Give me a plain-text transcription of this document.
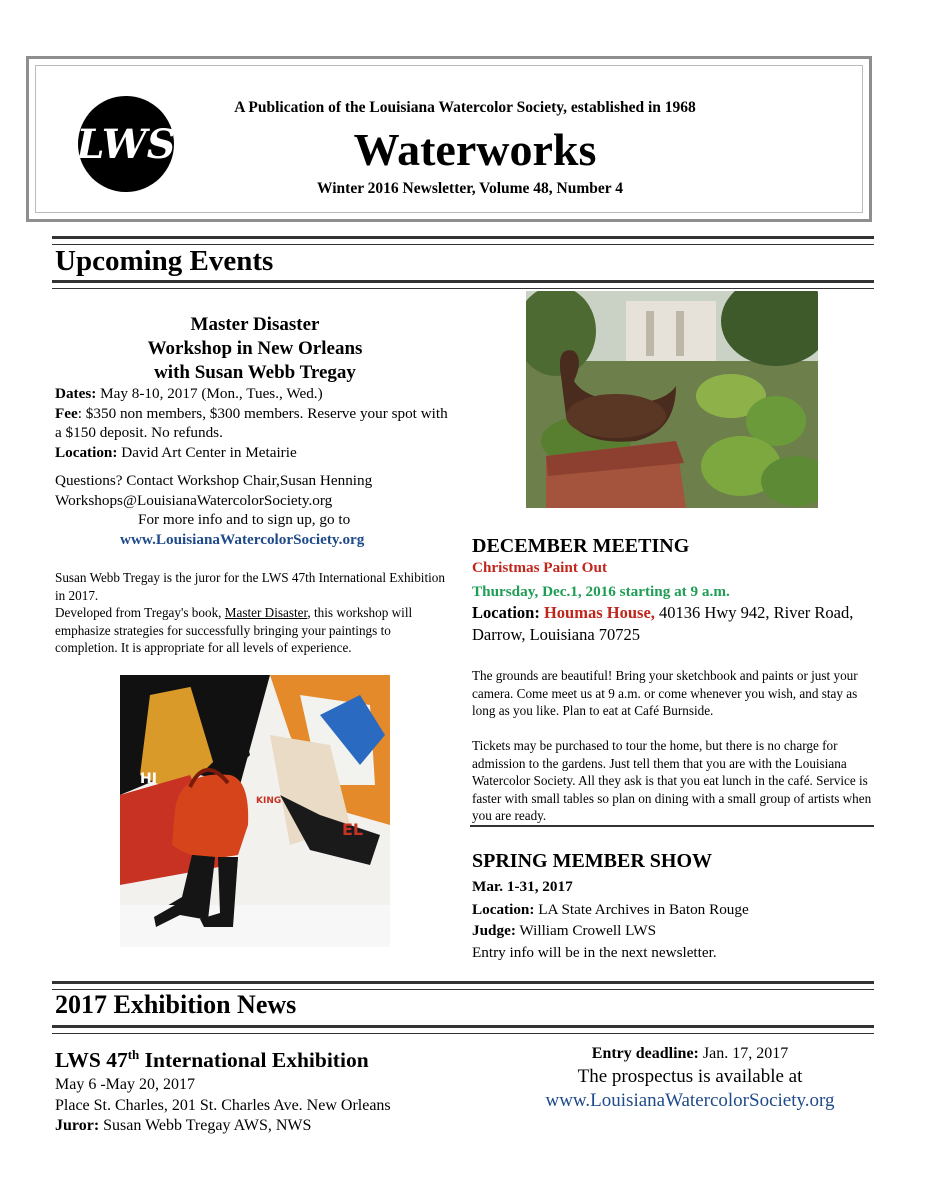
LWS
A Publication of the Louisiana Watercolor Society, established in 1968
Waterworks
Winter 2016 Newsletter, Volume 48, Number 4
Upcoming Events
Master Disaster
Workshop in New Orleans
with Susan Webb Tregay
Dates: May 8-10, 2017 (Mon., Tues., Wed.)
Fee: $350 non members, $300 members. Reserve your spot with a $150 deposit. No refunds.
Location: David Art Center in Metairie
Questions? Contact Workshop Chair,Susan Henning
Workshops@LouisianaWatercolorSociety.org
For more info and to sign up, go to
www.LouisianaWatercolorSociety.org
Susan Webb Tregay is the juror for the LWS 47th International Exhibition in 2017.
Developed from Tregay's book, Master Disaster, this workshop will emphasize strategies for successfully bringing your paintings to completion. It is appropriate for all levels of experience.
HI
EL
KING
DECEMBER MEETING
Christmas Paint Out
Thursday, Dec.1, 2016 starting at 9 a.m.
Location: Houmas House, 40136 Hwy 942, River Road, Darrow, Louisiana 70725
The grounds are beautiful! Bring your sketchbook and paints or just your camera. Come meet us at 9 a.m. or come whenever you wish, and stay as long as you like. Plan to eat at Café Burnside.
Tickets may be purchased to tour the home, but there is no charge for admission to the gardens. Just tell them that you are with the Louisiana Watercolor Society. All they ask is that you eat lunch in the café. Service is faster with small tables so plan on dining with a small group of artists when you are ready.
SPRING MEMBER SHOW
Mar. 1-31, 2017
Location: LA State Archives in Baton Rouge
Judge: William Crowell LWS
Entry info will be in the next newsletter.
2017 Exhibition News
LWS 47th International Exhibition
May 6 -May 20, 2017
Place St. Charles, 201 St. Charles Ave. New Orleans
Juror: Susan Webb Tregay AWS, NWS
Entry deadline: Jan. 17, 2017
The prospectus is available at
www.LouisianaWatercolorSociety.org
